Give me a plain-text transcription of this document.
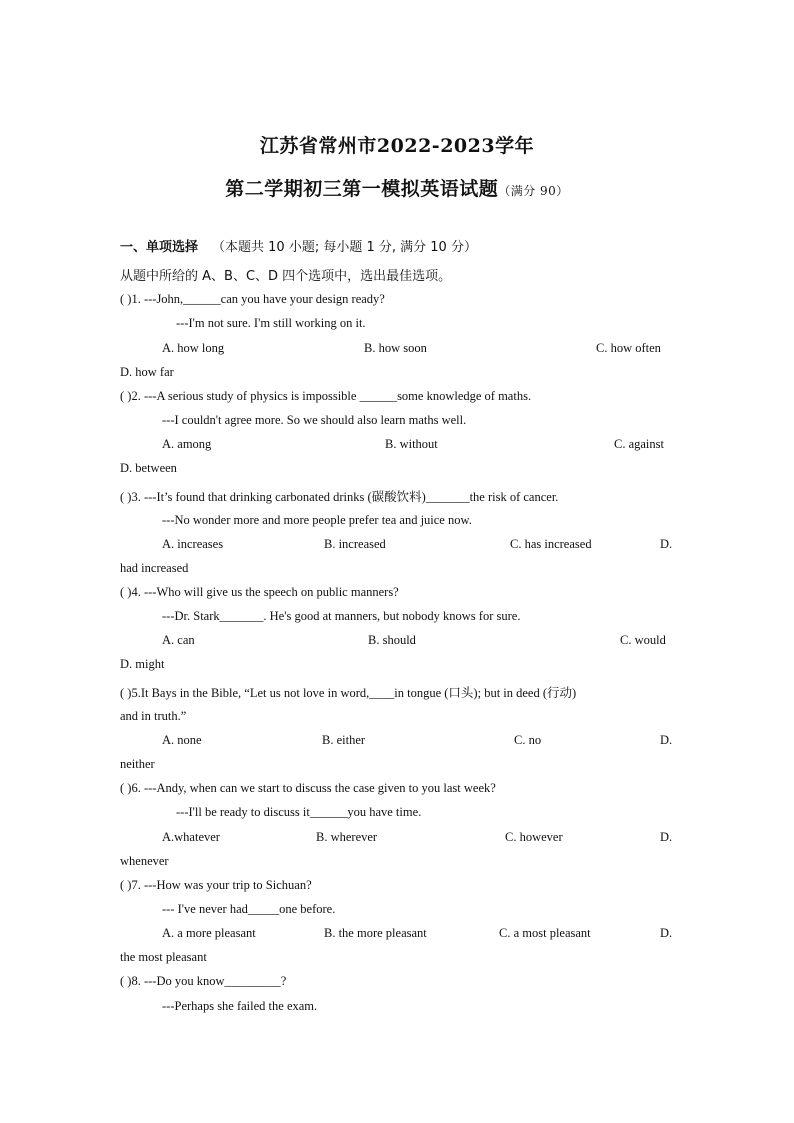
江苏省常州市2022-2023学年
第二学期初三第一模拟英语试题（满分 90）
一、单项选择 （本题共 10 小题; 每小题 1 分, 满分 10 分）
从题中所给的 A、B、C、D 四个选项中，选出最佳选项。
( )1. ---John,______can you have your design ready?
---I'm not sure. I'm still working on it.
A. how long	B. how soon	C. how often
D. how far
( )2. ---A serious study of physics is impossible ______some knowledge of maths.
---I couldn't agree more. So we should also learn maths well.
A. among	B. without	C. against
D. between
( )3. ---It’s found that drinking carbonated drinks (碳酸饮料)_______the risk of cancer.
---No wonder more and more people prefer tea and juice now.
A. increases	B. increased	C. has increased	D.
had increased
( )4. ---Who will give us the speech on public manners?
---Dr. Stark_______. He's good at manners, but nobody knows for sure.
A. can	B. should	C. would
D. might
( )5.It Bays in the Bible, “Let us not love in word,____in tongue (口头); but in deed (行动)
and in truth.”
A. none	B. either	C. no	D.
neither
( )6. ---Andy, when can we start to discuss the case given to you last week?
---I'll be ready to discuss it______you have time.
A.whatever	B. wherever	C. however	D.
whenever
( )7. ---How was your trip to Sichuan?
--- I've never had_____one before.
A. a more pleasant	B. the more pleasant	C. a most pleasant	D.
the most pleasant
( )8. ---Do you know_________?
---Perhaps she failed the exam.
